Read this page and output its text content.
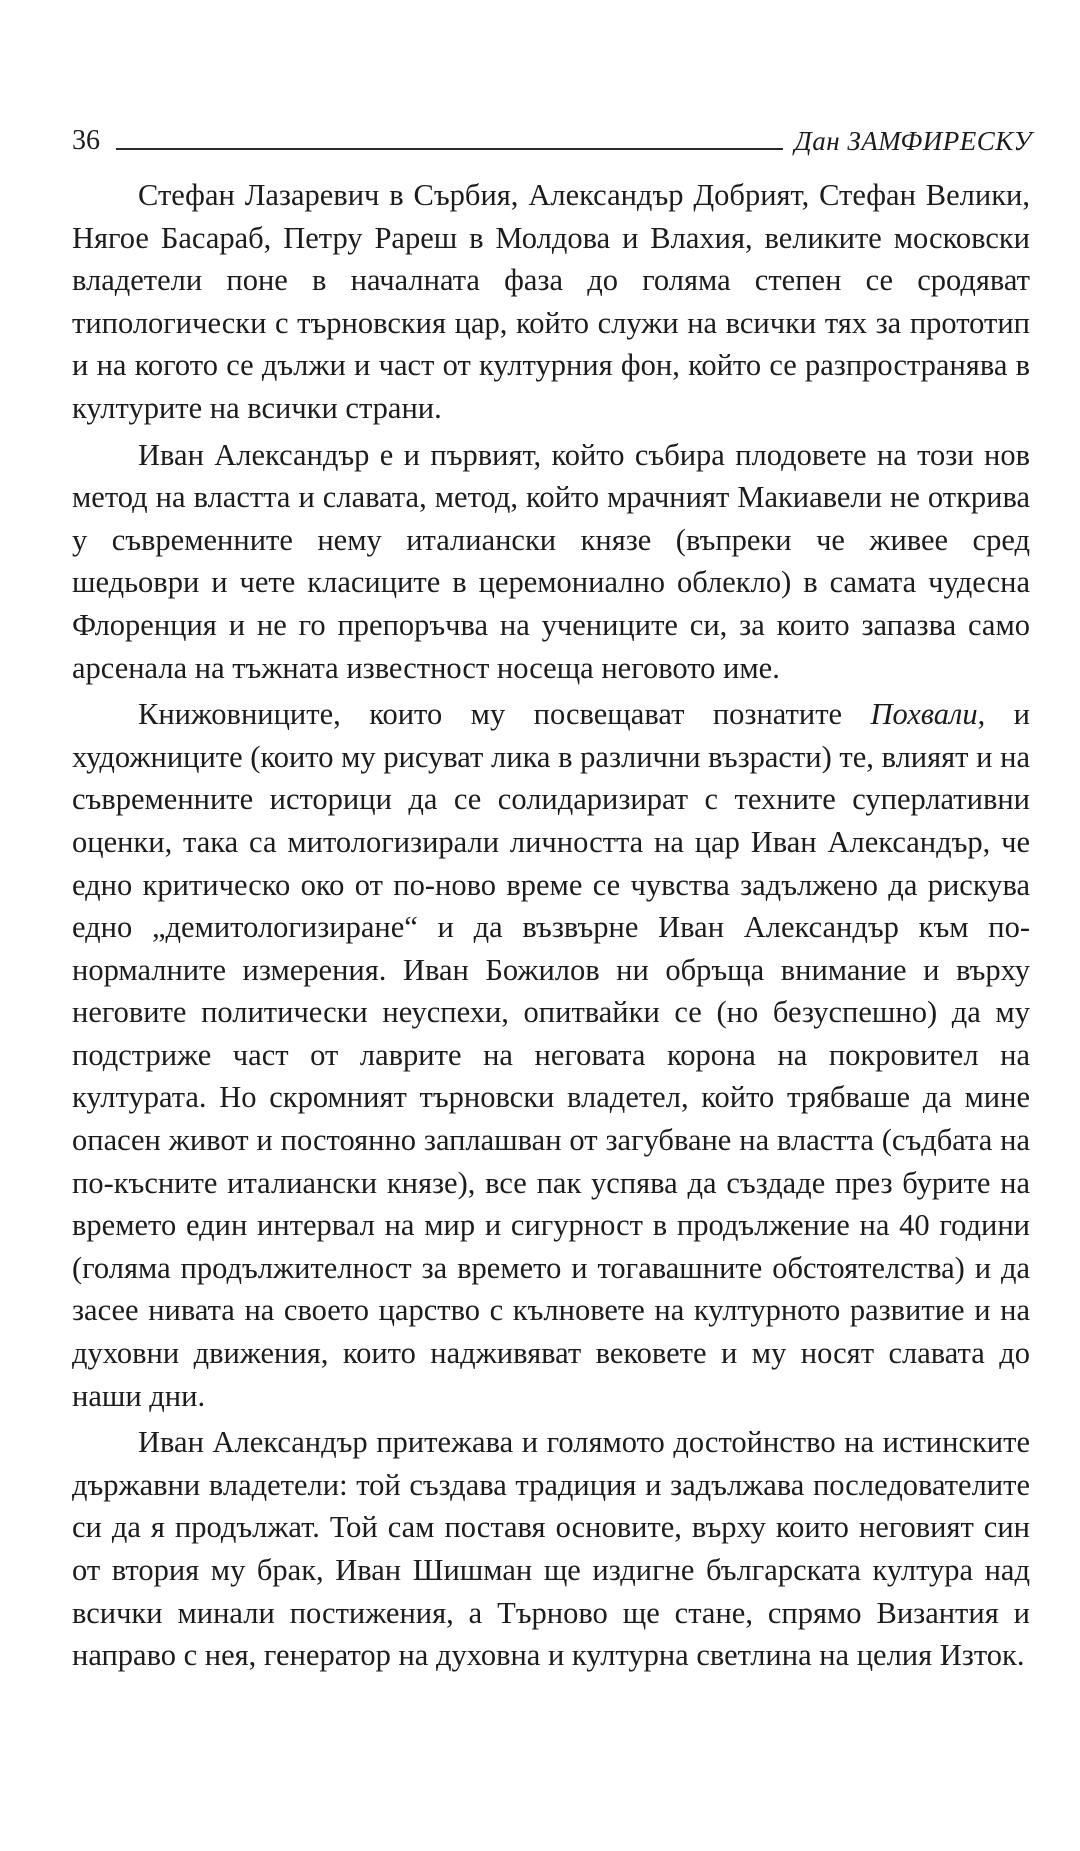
36	Дан ЗАМФИРЕСКУ

Стефан Лазаревич в Сърбия, Александър Добрият, Стефан Велики, Нягое Басараб, Петру Рареш в Молдова и Влахия, великите московски владетели поне в началната фаза до голяма степен се сродяват типологически с търновския цар, който служи на всички тях за прототип и на когото се дължи и част от културния фон, който се разпространява в културите на всички страни.

Иван Александър е и първият, който събира плодовете на този нов метод на властта и славата, метод, който мрачният Макиавели не открива у съвременните нему италиански князе (въпреки че живее сред шедьоври и чете класиците в церемониално облекло) в самата чудесна Флоренция и не го препоръчва на учениците си, за които запазва само арсенала на тъжната известност носеща неговото име.

Книжовниците, които му посвещават познатите Похвали, и художниците (които му рисуват лика в различни възрасти) те, влияят и на съвременните историци да се солидаризират с техните суперлативни оценки, така са митологизирали личността на цар Иван Александър, че едно критическо око от по-ново време се чувства задължено да рискува едно „демитологизиране“ и да възвърне Иван Александър към по-нормалните измерения. Иван Божилов ни обръща внимание и върху неговите политически неуспехи, опитвайки се (но безуспешно) да му подстриже част от лаврите на неговата корона на покровител на културата. Но скромният търновски владетел, който трябваше да мине опасен живот и постоянно заплашван от загубване на властта (съдбата на по-късните италиански князе), все пак успява да създаде през бурите на времето един интервал на мир и сигурност в продължение на 40 години (голяма продължителност за времето и тогавашните обстоятелства) и да засее нивата на своето царство с кълновете на културното развитие и на духовни движения, които надживяват вековете и му носят славата до наши дни.

Иван Александър притежава и голямото достойнство на истинските държавни владетели: той създава традиция и задължава последователите си да я продължат. Той сам поставя основите, върху които неговият син от втория му брак, Иван Шишман ще издигне българската култура над всички минали постижения, а Търново ще стане, спрямо Византия и направо с нея, генератор на духовна и културна светлина на целия Изток.
